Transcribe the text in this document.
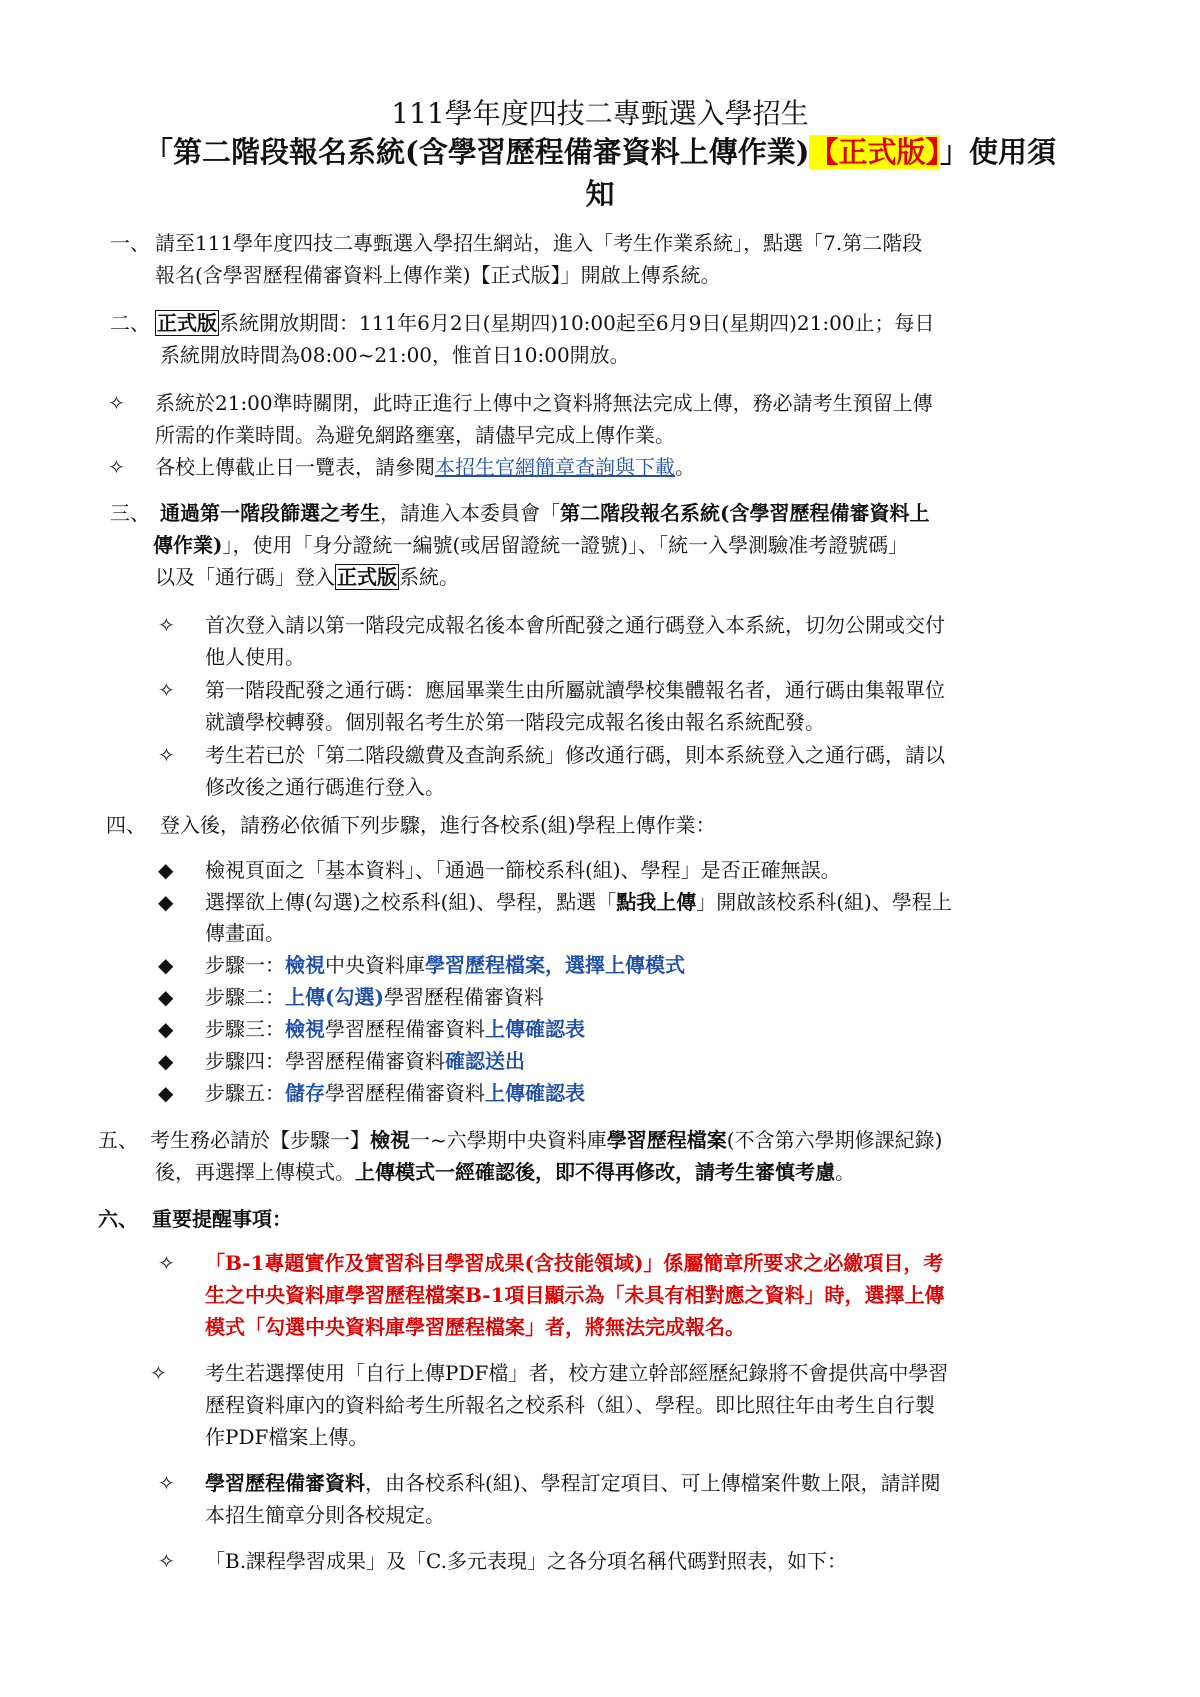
111學年度四技二專甄選入學招生
「第二階段報名系統(含學習歷程備審資料上傳作業)【正式版】」使用須
知
一、 請至111學年度四技二專甄選入學招生網站，進入「考生作業系統」，點選「7.第二階段
報名(含學習歷程備審資料上傳作業)【正式版】」開啟上傳系統。
二、 正式版 系統開放期間：111年6月2日(星期四)10:00起至6月9日(星期四)21:00止；每日
系統開放時間為08:00~21:00，惟首日10:00開放。
✧ 系統於21:00準時關閉，此時正進行上傳中之資料將無法完成上傳，務必請考生預留上傳
所需的作業時間。為避免網路壅塞，請儘早完成上傳作業。
✧ 各校上傳截止日一覽表，請參閱本招生官網簡章查詢與下載。
三、 通過第一階段篩選之考生，請進入本委員會「第二階段報名系統(含學習歷程備審資料上
傳作業)」，使用「身分證統一編號(或居留證統一證號)」、「統一入學測驗准考證號碼」
以及「通行碼」登入 正式版 系統。
✧ 首次登入請以第一階段完成報名後本會所配發之通行碼登入本系統，切勿公開或交付
他人使用。
✧ 第一階段配發之通行碼：應屆畢業生由所屬就讀學校集體報名者，通行碼由集報單位
就讀學校轉發。個別報名考生於第一階段完成報名後由報名系統配發。
✧ 考生若已於「第二階段繳費及查詢系統」修改通行碼，則本系統登入之通行碼，請以
修改後之通行碼進行登入。
四、 登入後，請務必依循下列步驟，進行各校系(組)學程上傳作業：
◆ 檢視頁面之「基本資料」、「通過一篩校系科(組)、學程」是否正確無誤。
◆ 選擇欲上傳(勾選)之校系科(組)、學程，點選「點我上傳」開啟該校系科(組)、學程上
傳畫面。
◆ 步驟一：檢視中央資料庫學習歷程檔案，選擇上傳模式
◆ 步驟二：上傳(勾選)學習歷程備審資料
◆ 步驟三：檢視學習歷程備審資料上傳確認表
◆ 步驟四：學習歷程備審資料確認送出
◆ 步驟五：儲存學習歷程備審資料上傳確認表
五、 考生務必請於【步驟一】檢視一~六學期中央資料庫學習歷程檔案(不含第六學期修課紀錄)
後，再選擇上傳模式。上傳模式一經確認後，即不得再修改，請考生審慎考慮。
六、 重要提醒事項：
✧ 「B-1專題實作及實習科目學習成果(含技能領域)」係屬簡章所要求之必繳項目，考
生之中央資料庫學習歷程檔案B-1項目顯示為「未具有相對應之資料」時，選擇上傳
模式「勾選中央資料庫學習歷程檔案」者，將無法完成報名。
✧ 考生若選擇使用「自行上傳PDF檔」者，校方建立幹部經歷紀錄將不會提供高中學習
歷程資料庫內的資料給考生所報名之校系科（組）、學程。即比照往年由考生自行製
作PDF檔案上傳。
✧ 學習歷程備審資料，由各校系科(組)、學程訂定項目、可上傳檔案件數上限，請詳閱
本招生簡章分則各校規定。
✧ 「B.課程學習成果」及「C.多元表現」之各分項名稱代碼對照表，如下：
